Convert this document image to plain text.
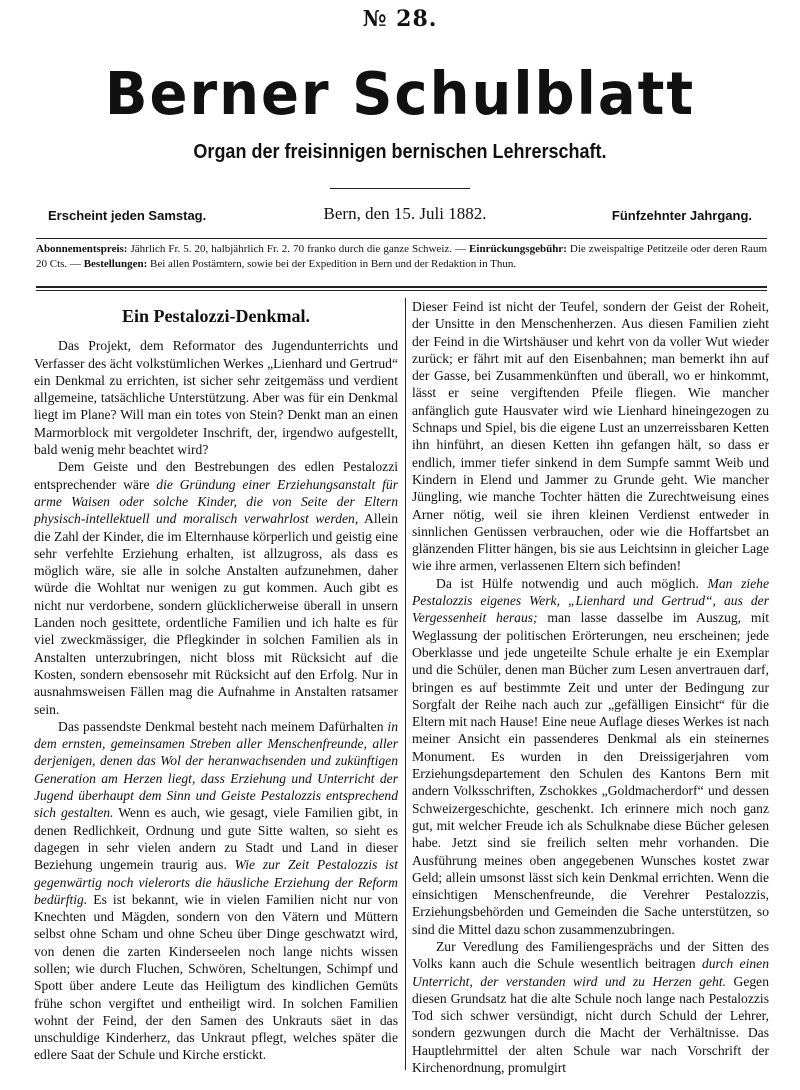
№ 28.
Berner Schulblatt
Organ der freisinnigen bernischen Lehrerschaft.
Erscheint jeden Samstag.	Bern, den 15. Juli 1882.	Fünfzehnter Jahrgang.
Abonnementspreis: Jährlich Fr. 5. 20, halbjährlich Fr. 2. 70 franko durch die ganze Schweiz. — Einrückungsgebühr: Die zweispaltige Petitzeile oder deren Raum 20 Cts. — Bestellungen: Bei allen Postämtern, sowie bei der Expedition in Bern und der Redaktion in Thun.
Ein Pestalozzi-Denkmal.

Das Projekt, dem Reformator des Jugendunterrichts und Verfasser des ächt volkstümlichen Werkes „Lienhard und Gertrud“ ein Denkmal zu errichten, ist sicher sehr zeitgemäss und verdient allgemeine, tatsächliche Unterstützung. Aber was für ein Denkmal liegt im Plane? Will man ein totes von Stein? Denkt man an einen Marmorblock mit vergoldeter Inschrift, der, irgendwo aufgestellt, bald wenig mehr beachtet wird?

Dem Geiste und den Bestrebungen des edlen Pestalozzi entsprechender wäre die Gründung einer Erziehungsanstalt für arme Waisen oder solche Kinder, die von Seite der Eltern physisch-intellektuell und moralisch verwahrlost werden, Allein die Zahl der Kinder, die im Elternhause körperlich und geistig eine sehr verfehlte Erziehung erhalten, ist allzugross, als dass es möglich wäre, sie alle in solche Anstalten aufzunehmen, daher würde die Wohltat nur wenigen zu gut kommen. Auch gibt es nicht nur verdorbene, sondern glücklicherweise überall in unsern Landen noch gesittete, ordentliche Familien und ich halte es für viel zweckmässiger, die Pflegkinder in solchen Familien als in Anstalten unterzubringen, nicht bloss mit Rücksicht auf die Kosten, sondern ebensosehr mit Rücksicht auf den Erfolg. Nur in ausnahmsweisen Fällen mag die Aufnahme in Anstalten ratsamer sein.

Das passendste Denkmal besteht nach meinem Dafürhalten in dem ernsten, gemeinsamen Streben aller Menschenfreunde, aller derjenigen, denen das Wol der heranwachsenden und zukünftigen Generation am Herzen liegt, dass Erziehung und Unterricht der Jugend überhaupt dem Sinn und Geiste Pestalozzis entsprechend sich gestalten. Wenn es auch, wie gesagt, viele Familien gibt, in denen Redlichkeit, Ordnung und gute Sitte walten, so sieht es dagegen in sehr vielen andern zu Stadt und Land in dieser Beziehung ungemein traurig aus. Wie zur Zeit Pestalozzis ist gegenwärtig noch vielerorts die häusliche Erziehung der Reform bedürftig. Es ist bekannt, wie in vielen Familien nicht nur von Knechten und Mägden, sondern von den Vätern und Müttern selbst ohne Scham und ohne Scheu über Dinge geschwatzt wird, von denen die zarten Kinderseelen noch lange nichts wissen sollen; wie durch Fluchen, Schwören, Scheltungen, Schimpf und Spott über andere Leute das Heiligtum des kindlichen Gemüts frühe schon vergiftet und entheiligt wird. In solchen Familien wohnt der Feind, der den Samen des Unkrauts säet in das unschuldige Kinderherz, das Unkraut pflegt, welches später die edlere Saat der Schule und Kirche erstickt.

Dieser Feind ist nicht der Teufel, sondern der Geist der Roheit, der Unsitte in den Menschenherzen. Aus diesen Familien zieht der Feind in die Wirtshäuser und kehrt von da voller Wut wieder zurück; er fährt mit auf den Eisenbahnen; man bemerkt ihn auf der Gasse, bei Zusammenkünften und überall, wo er hinkommt, lässt er seine vergiftenden Pfeile fliegen. Wie mancher anfänglich gute Hausvater wird wie Lienhard hineingezogen zu Schnaps und Spiel, bis die eigene Lust an unzerreissbaren Ketten ihn hinführt, an diesen Ketten ihn gefangen hält, so dass er endlich, immer tiefer sinkend in dem Sumpfe sammt Weib und Kindern in Elend und Jammer zu Grunde geht. Wie mancher Jüngling, wie manche Tochter hätten die Zurechtweisung eines Arner nötig, weil sie ihren kleinen Verdienst entweder in sinnlichen Genüssen verbrauchen, oder wie die Hoffartsbet an glänzenden Flitter hängen, bis sie aus Leichtsinn in gleicher Lage wie ihre armen, verlassenen Eltern sich befinden!

Da ist Hülfe notwendig und auch möglich. Man ziehe Pestalozzis eigenes Werk, „Lienhard und Gertrud“, aus der Vergessenheit heraus; man lasse dasselbe im Auszug, mit Weglassung der politischen Erörterungen, neu erscheinen; jede Oberklasse und jede ungeteilte Schule erhalte je ein Exemplar und die Schüler, denen man Bücher zum Lesen anvertrauen darf, bringen es auf bestimmte Zeit und unter der Bedingung zur Sorgfalt der Reihe nach auch zur „gefälligen Einsicht“ für die Eltern mit nach Hause! Eine neue Auflage dieses Werkes ist nach meiner Ansicht ein passenderes Denkmal als ein steinernes Monument. Es wurden in den Dreissigerjahren vom Erziehungsdepartement den Schulen des Kantons Bern mit andern Volksschriften, Zschokkes „Goldmacherdorf“ und dessen Schweizergeschichte, geschenkt. Ich erinnere mich noch ganz gut, mit welcher Freude ich als Schulknabe diese Bücher gelesen habe. Jetzt sind sie freilich selten mehr vorhanden. Die Ausführung meines oben angegebenen Wunsches kostet zwar Geld; allein umsonst lässt sich kein Denkmal errichten. Wenn die einsichtigen Menschenfreunde, die Verehrer Pestalozzis, Erziehungsbehörden und Gemeinden die Sache unterstützen, so sind die Mittel dazu schon zusammenzubringen.

Zur Veredlung des Familiengesprächs und der Sitten des Volks kann auch die Schule wesentlich beitragen durch einen Unterricht, der verstanden wird und zu Herzen geht. Gegen diesen Grundsatz hat die alte Schule noch lange nach Pestalozzis Tod sich schwer versündigt, nicht durch Schuld der Lehrer, sondern gezwungen durch die Macht der Verhältnisse. Das Hauptlehrmittel der alten Schule war nach Vorschrift der Kirchenordnung, promulgirt
